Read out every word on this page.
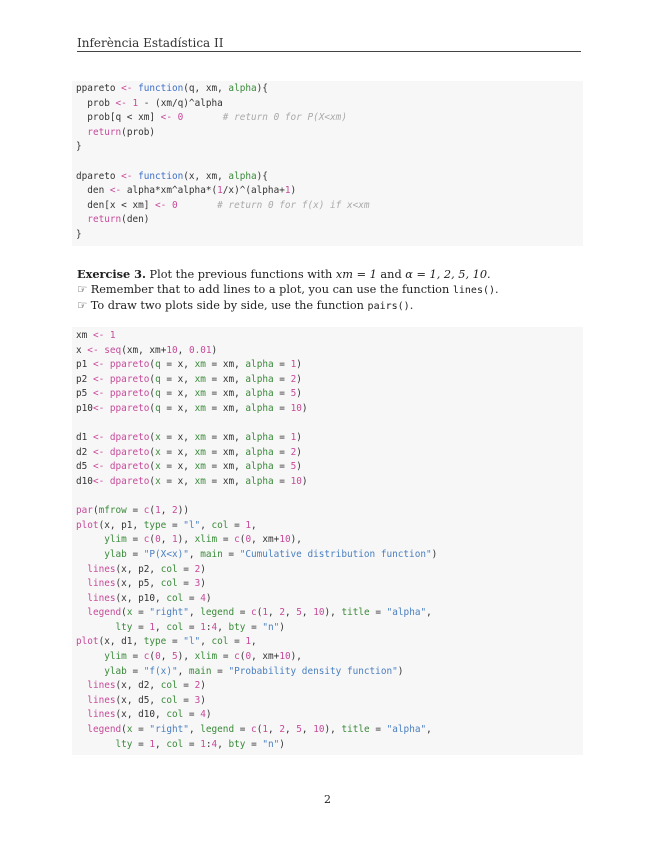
Inferència Estadística II
ppareto <- function(q, xm, alpha){
prob <- 1 - (xm/q)^alpha
prob[q < xm] <- 0	# return 0 for P(X<xm)
return(prob)
}
dpareto <- function(x, xm, alpha){
den <- alpha*xm^alpha*(1/x)^(alpha+1)
den[x < xm] <- 0	# return 0 for f(x) if x<xm
return(den)
}
Exercise 3. Plot the previous functions with xm = 1 and α = 1, 2, 5, 10.
☞ Remember that to add lines to a plot, you can use the function lines().
☞ To draw two plots side by side, use the function pairs().
xm <- 1
x <- seq(xm, xm+10, 0.01)
p1 <- ppareto(q = x, xm = xm, alpha = 1)
p2 <- ppareto(q = x, xm = xm, alpha = 2)
p5 <- ppareto(q = x, xm = xm, alpha = 5)
p10<- ppareto(q = x, xm = xm, alpha = 10)
d1 <- dpareto(x = x, xm = xm, alpha = 1)
d2 <- dpareto(x = x, xm = xm, alpha = 2)
d5 <- dpareto(x = x, xm = xm, alpha = 5)
d10<- dpareto(x = x, xm = xm, alpha = 10)
par(mfrow = c(1, 2))
plot(x, p1, type = "l", col = 1,
ylim = c(0, 1), xlim = c(0, xm+10),
ylab = "P(X<x)", main = "Cumulative distribution function")
lines(x, p2, col = 2)
lines(x, p5, col = 3)
lines(x, p10, col = 4)
legend(x = "right", legend = c(1, 2, 5, 10), title = "alpha",
lty = 1, col = 1:4, bty = "n")
plot(x, d1, type = "l", col = 1,
ylim = c(0, 5), xlim = c(0, xm+10),
ylab = "f(x)", main = "Probability density function")
lines(x, d2, col = 2)
lines(x, d5, col = 3)
lines(x, d10, col = 4)
legend(x = "right", legend = c(1, 2, 5, 10), title = "alpha",
lty = 1, col = 1:4, bty = "n")
2
